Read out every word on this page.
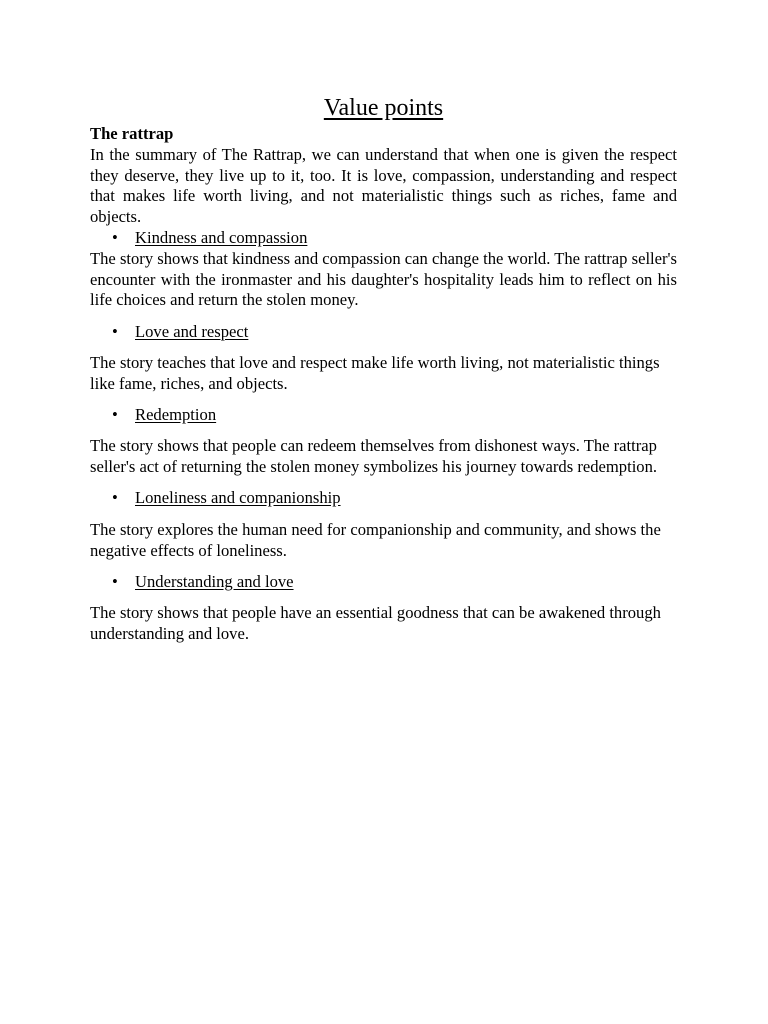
Value points

The rattrap

In the summary of The Rattrap, we can understand that when one is given the respect they deserve, they live up to it, too. It is love, compassion, understanding and respect that makes life worth living, and not materialistic things such as riches, fame and objects.

• Kindness and compassion

The story shows that kindness and compassion can change the world. The rattrap seller's encounter with the ironmaster and his daughter's hospitality leads him to reflect on his life choices and return the stolen money.

• Love and respect

The story teaches that love and respect make life worth living, not materialistic things like fame, riches, and objects.

• Redemption

The story shows that people can redeem themselves from dishonest ways. The rattrap seller's act of returning the stolen money symbolizes his journey towards redemption.

• Loneliness and companionship

The story explores the human need for companionship and community, and shows the negative effects of loneliness.

• Understanding and love

The story shows that people have an essential goodness that can be awakened through understanding and love.
